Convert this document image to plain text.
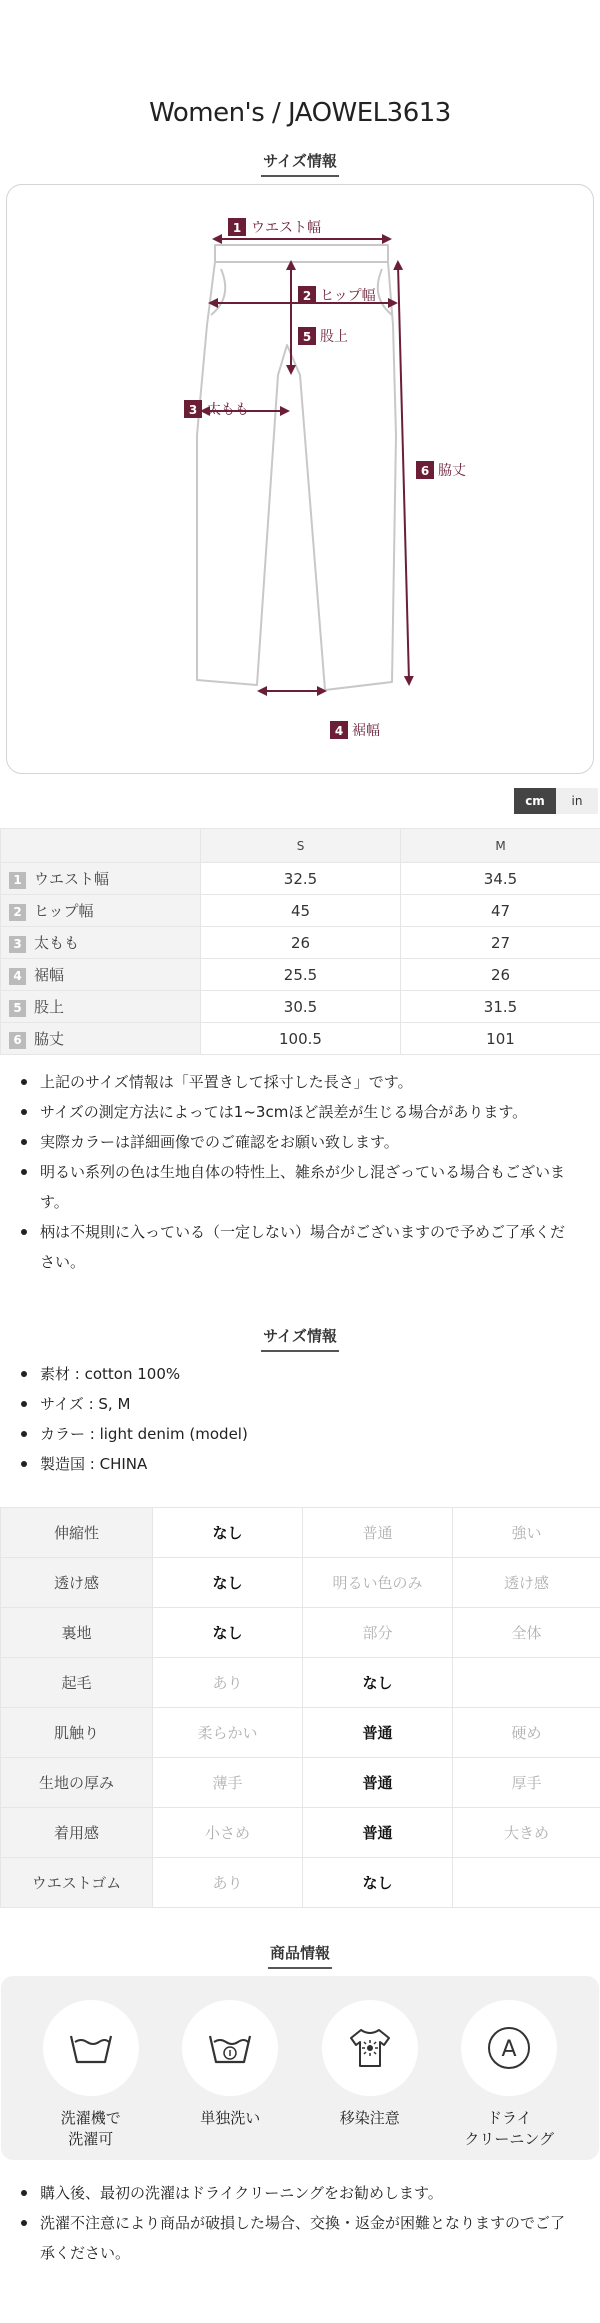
Women's / JAOWEL3613
サイズ情報
1 ウエスト幅
2 ヒップ幅
5 股上
3 太もも
6 脇丈
4 裾幅
cm	in
	S	M
1 ウエスト幅	32.5	34.5
2 ヒップ幅	45	47
3 太もも	26	27
4 裾幅	25.5	26
5 股上	30.5	31.5
6 脇丈	100.5	101
上記のサイズ情報は「平置きして採寸した長さ」です。
サイズの測定方法によっては1~3cmほど誤差が生じる場合があります。
実際カラーは詳細画像でのご確認をお願い致します。
明るい系列の色は生地自体の特性上、雑糸が少し混ざっている場合もございます。
柄は不規則に入っている（一定しない）場合がございますので予めご了承ください。
サイズ情報
素材 : cotton 100%
サイズ : S, M
カラー : light denim (model)
製造国 : CHINA
伸縮性	なし	普通	強い
透け感	なし	明るい色のみ	透け感
裏地	なし	部分	全体
起毛	あり	なし	
肌触り	柔らかい	普通	硬め
生地の厚み	薄手	普通	厚手
着用感	小さめ	普通	大きめ
ウエストゴム	あり	なし	
商品情報
洗濯機で
洗濯可
単独洗い	移染注意
A
ドライ
クリーニング
購入後、最初の洗濯はドライクリーニングをお勧めします。
洗濯不注意により商品が破損した場合、交換・返金が困難となりますのでご了承ください。
